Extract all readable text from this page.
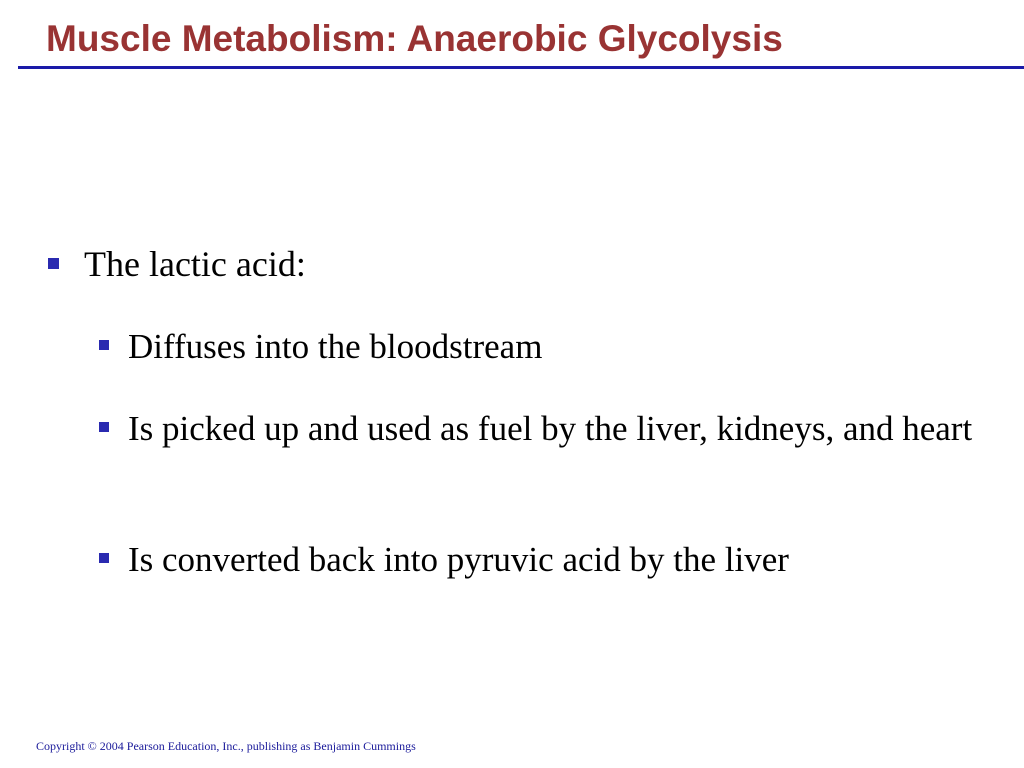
Muscle Metabolism: Anaerobic Glycolysis
The lactic acid:
Diffuses into the bloodstream
Is picked up and used as fuel by the liver, kidneys, and heart
Is converted back into pyruvic acid by the liver
Copyright © 2004 Pearson Education, Inc., publishing as Benjamin Cummings
